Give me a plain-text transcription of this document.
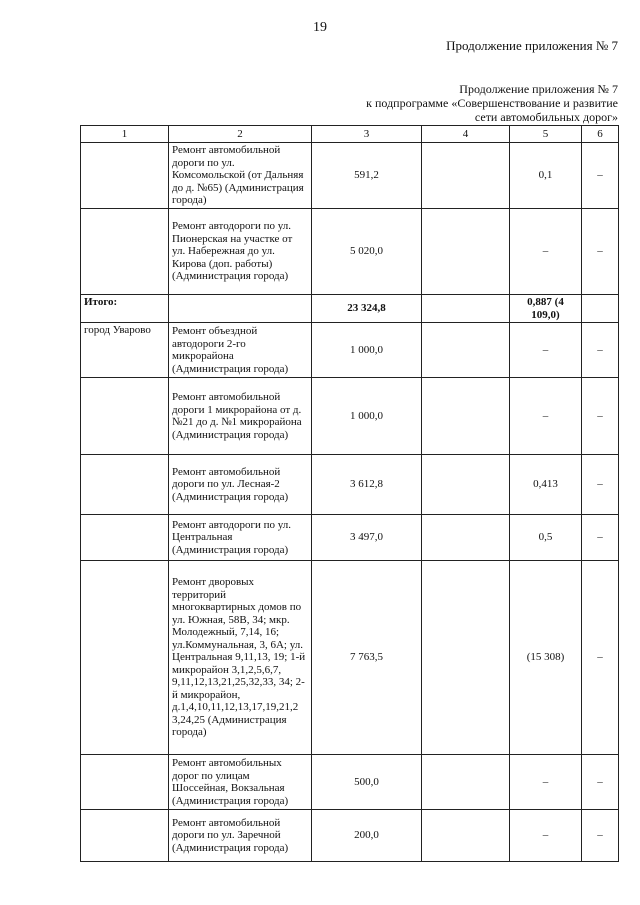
19
Продолжение приложения № 7
Продолжение приложения № 7
к подпрограмме «Совершенствование и развитие
сети автомобильных дорог»
1	2	3	4	5	6
	Ремонт автомобильной дороги по ул. Комсомольской (от Дальняя до д. №65) (Администрация города)	591,2		0,1	–
	Ремонт автодороги по ул. Пионерская на участке от ул. Набережная до ул. Кирова (доп. работы) (Администрация города)	5 020,0		–	–
Итого:		23 324,8		0,887 (4 109,0)	
город Уварово	Ремонт объездной автодороги 2-го микрорайона (Администрация города)	1 000,0		–	–
	Ремонт автомобильной дороги 1 микрорайона от д. №21 до д. №1 микрорайона (Администрация города)	1 000,0		–	–
	Ремонт автомобильной дороги по ул. Лесная-2 (Администрация города)	3 612,8		0,413	–
	Ремонт автодороги по ул. Центральная (Администрация города)	3 497,0		0,5	–
	Ремонт дворовых территорий многоквартирных домов по ул. Южная, 58В, 34; мкр. Молодежный, 7,14, 16; ул.Коммунальная, 3, 6А; ул. Центральная 9,11,13, 19; 1-й микрорайон 3,1,2,5,6,7, 9,11,12,13,21,25,32,33, 34; 2-й микрорайон, д.1,4,10,11,12,13,17,19,21,2 3,24,25 (Администрация города)	7 763,5		(15 308)	–
	Ремонт автомобильных дорог по улицам Шоссейная, Вокзальная (Администрация города)	500,0		–	–
	Ремонт автомобильной дороги по ул. Заречной (Администрация города)	200,0		–	–
